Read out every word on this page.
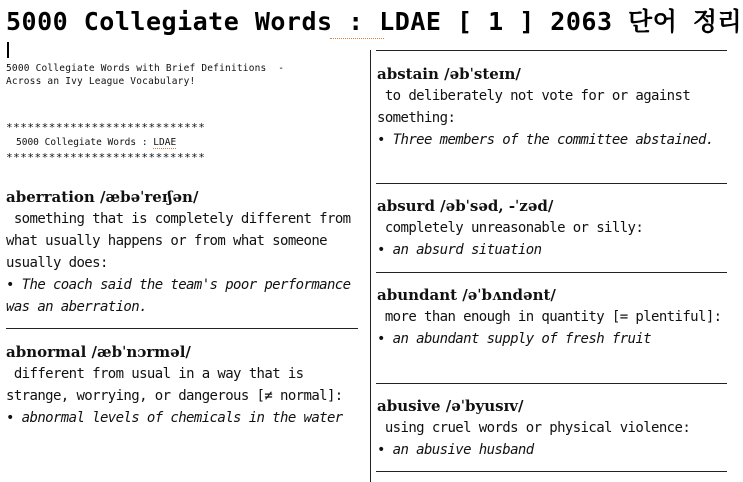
5000 Collegiate Words : LDAE [ 1 ] 2063 단어 정리
5000 Collegiate Words with Brief Definitions  -
Across an Ivy League Vocabulary!
****************************
5000 Collegiate Words : LDAE
****************************
aberration /æbəˈreɪʃən/
something that is completely different from what usually happens or from what someone usually does:
• The coach said the team's poor performance was an aberration.
abnormal /æbˈnɔrməl/
different from usual in a way that is strange, worrying, or dangerous [≠ normal]:
• abnormal levels of chemicals in the water
abstain /əbˈsteɪn/
to deliberately not vote for or against something:
• Three members of the committee abstained.
absurd /əbˈsəd, -ˈzəd/
completely unreasonable or silly:
• an absurd situation
abundant /əˈbʌndənt/
more than enough in quantity [= plentiful]:
• an abundant supply of fresh fruit
abusive /əˈbyusɪv/
using cruel words or physical violence:
• an abusive husband
